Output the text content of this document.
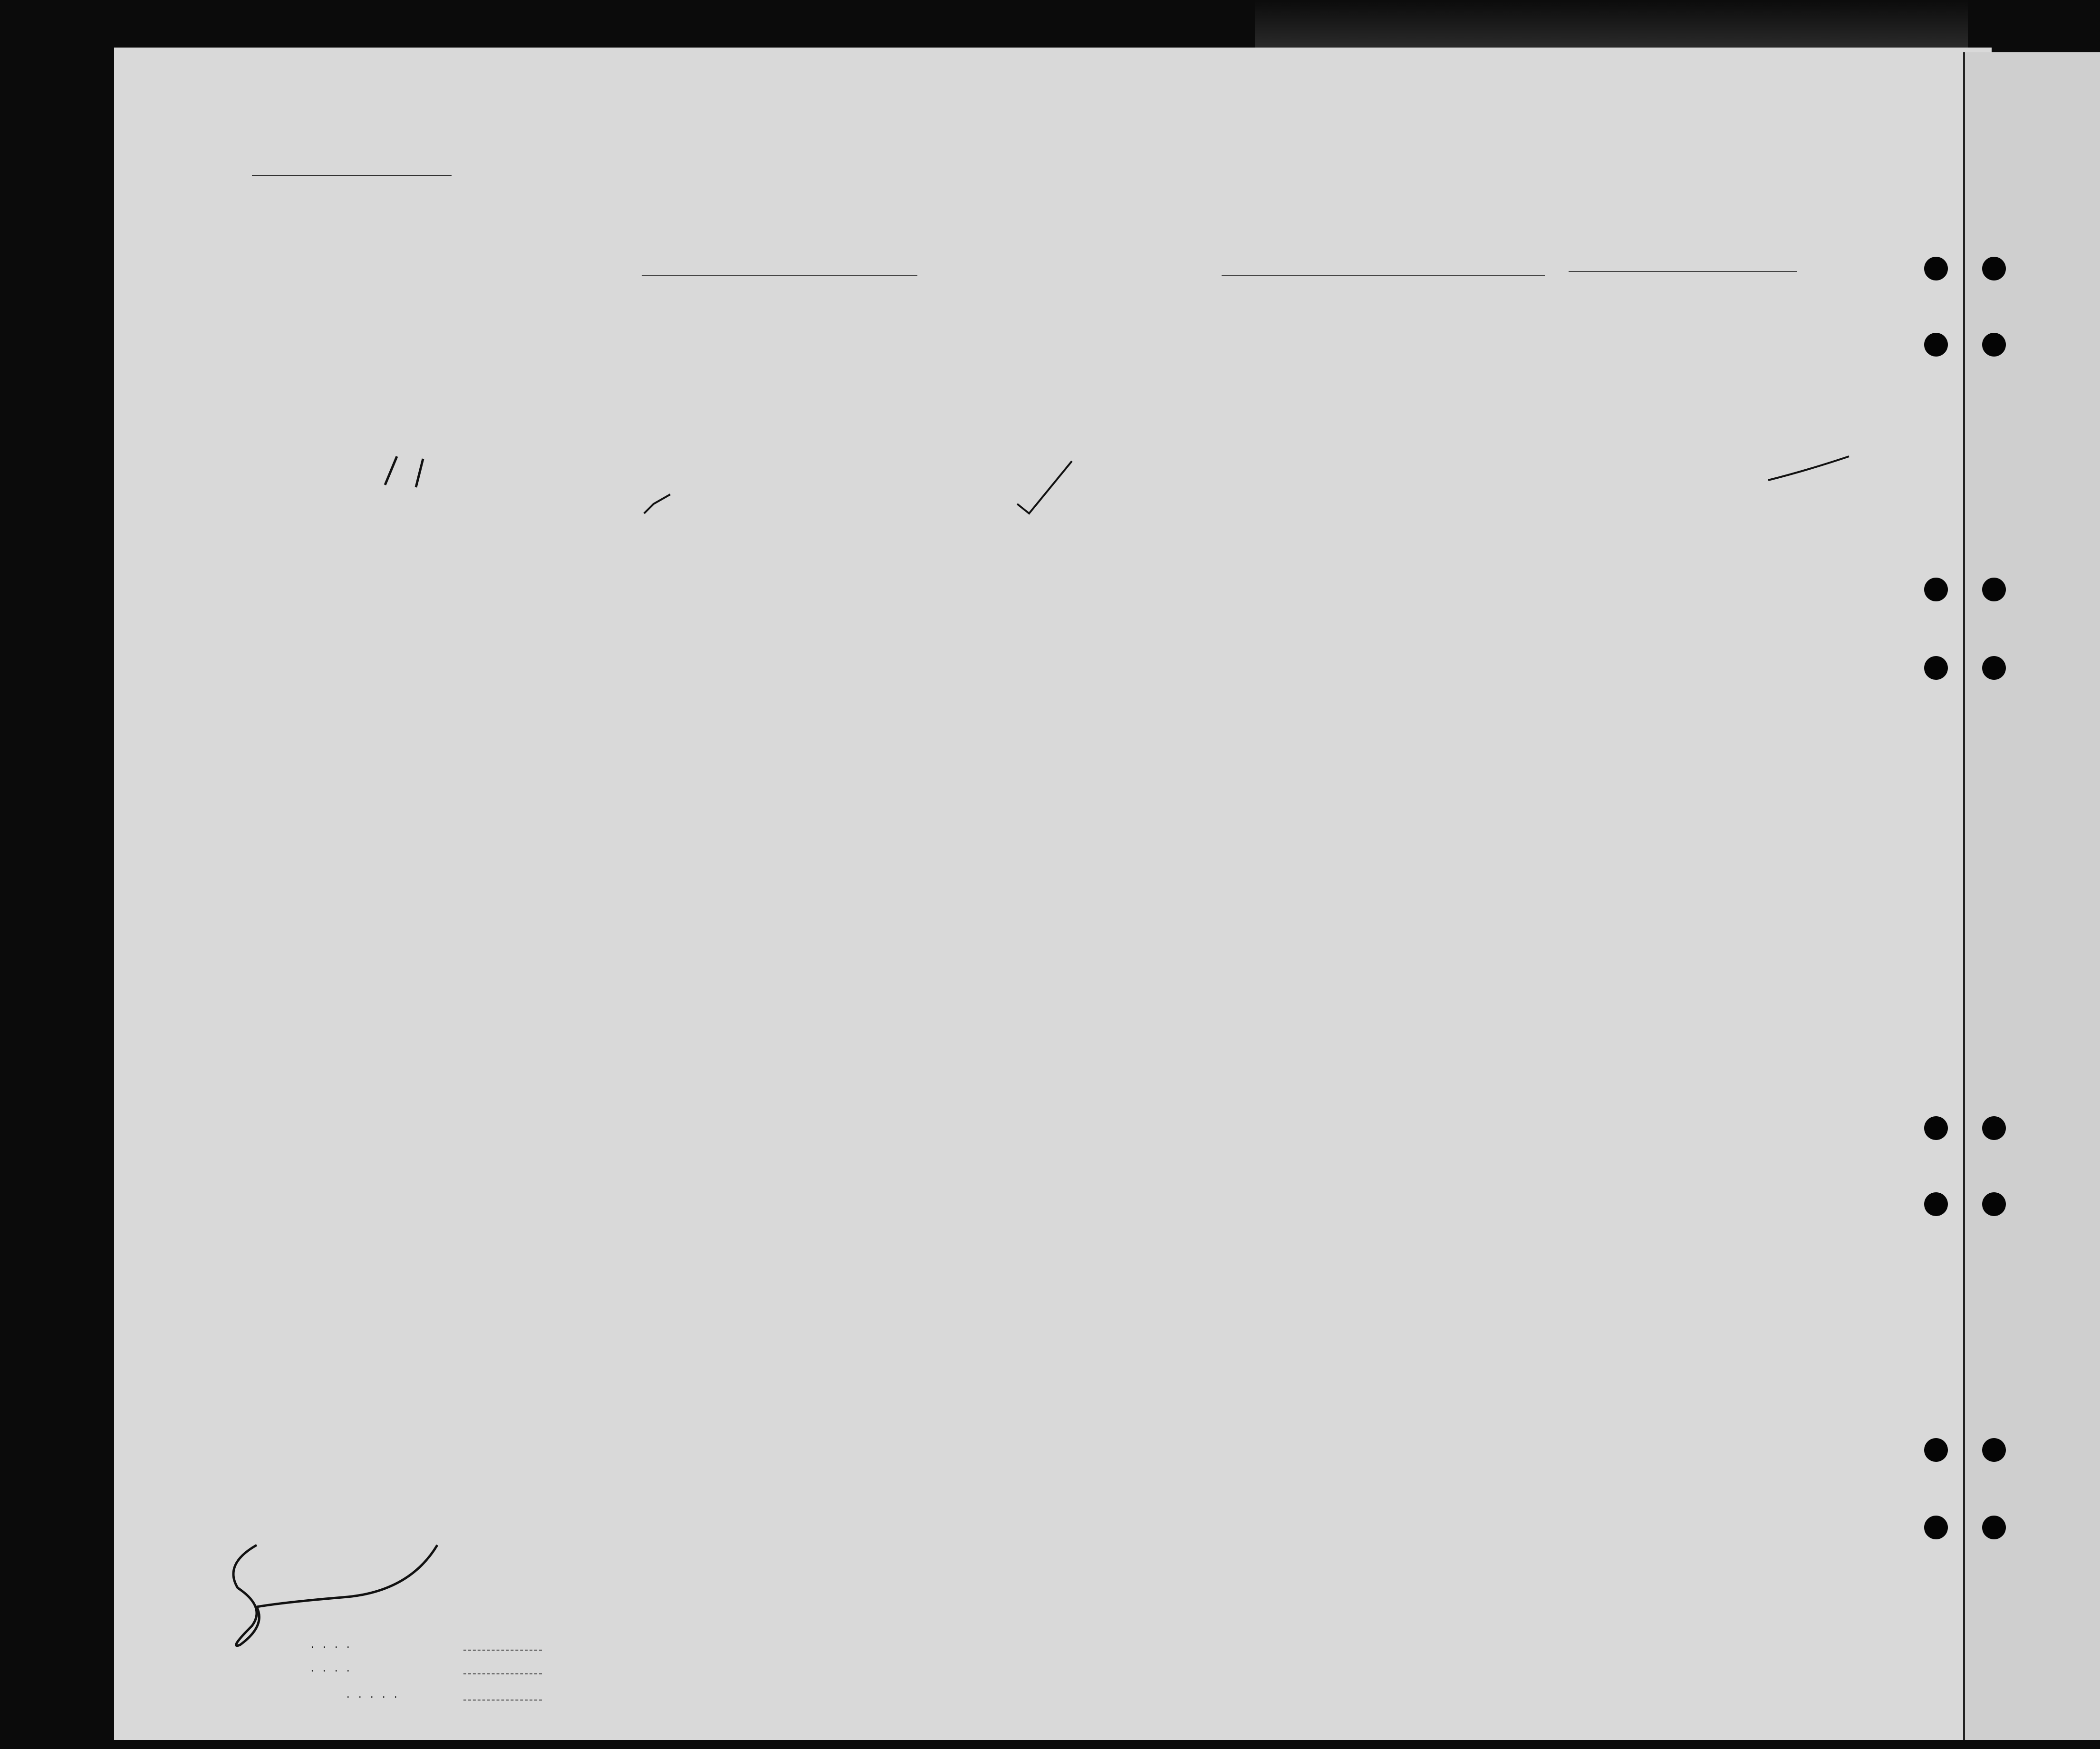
. . . .
. . . .
. . . . .
